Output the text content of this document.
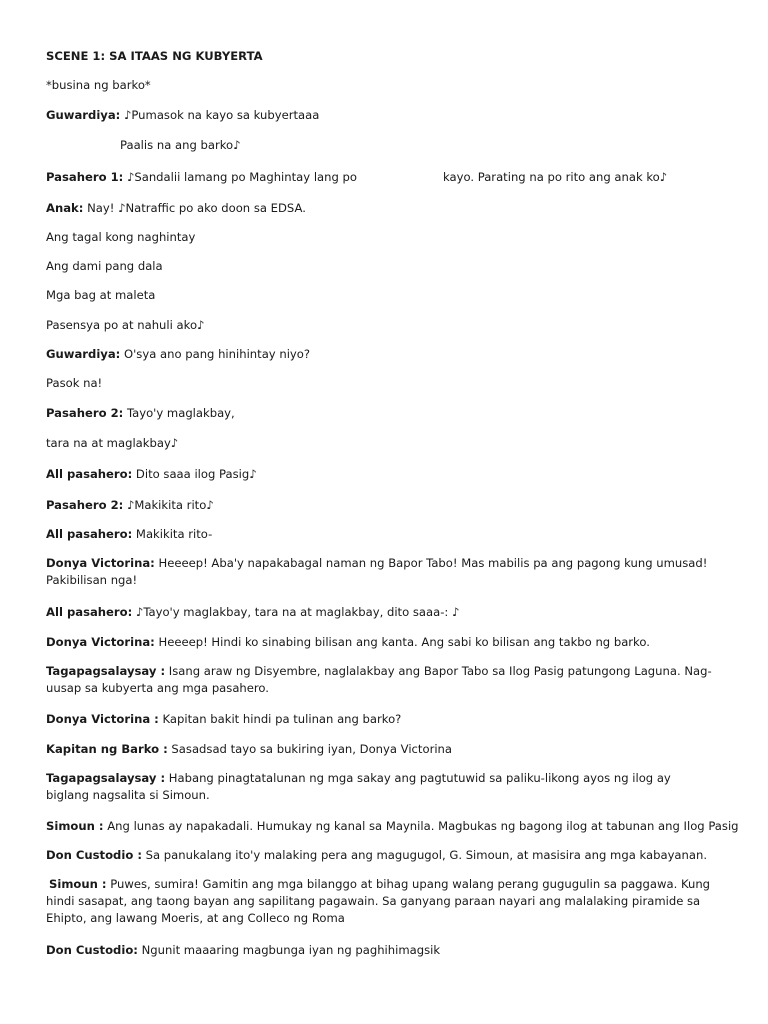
SCENE 1: SA ITAAS NG KUBYERTA
*busina ng barko*
Guwardiya: ♪Pumasok na kayo sa kubyertaaa
Paalis na ang barko♪
Pasahero 1: ♪Sandalii lamang po Maghintay lang po	kayo. Parating na po rito ang anak ko♪
Anak: Nay! ♪Natraffic po ako doon sa EDSA.
Ang tagal kong naghintay
Ang dami pang dala
Mga bag at maleta
Pasensya po at nahuli ako♪
Guwardiya: O'sya ano pang hinihintay niyo?
Pasok na!
Pasahero 2: Tayo'y maglakbay,
tara na at maglakbay♪
All pasahero: Dito saaa ilog Pasig♪
Pasahero 2: ♪Makikita rito♪
All pasahero: Makikita rito-
Donya Victorina: Heeeep! Aba'y napakabagal naman ng Bapor Tabo! Mas mabilis pa ang pagong kung umusad! Pakibilisan nga!
All pasahero: ♪Tayo'y maglakbay, tara na at maglakbay, dito saaa-: ♪
Donya Victorina: Heeeep! Hindi ko sinabing bilisan ang kanta. Ang sabi ko bilisan ang takbo ng barko.
Tagapagsalaysay : Isang araw ng Disyembre, naglalakbay ang Bapor Tabo sa Ilog Pasig patungong Laguna. Nag-uusap sa kubyerta ang mga pasahero.
Donya Victorina : Kapitan bakit hindi pa tulinan ang barko?
Kapitan ng Barko : Sasadsad tayo sa bukiring iyan, Donya Victorina
Tagapagsalaysay : Habang pinagtatalunan ng mga sakay ang pagtutuwid sa paliku-likong ayos ng ilog ay biglang nagsalita si Simoun.
Simoun : Ang lunas ay napakadali. Humukay ng kanal sa Maynila. Magbukas ng bagong ilog at tabunan ang Ilog Pasig
Don Custodio : Sa panukalang ito'y malaking pera ang magugugol, G. Simoun, at masisira ang mga kabayanan.
Simoun : Puwes, sumira! Gamitin ang mga bilanggo at bihag upang walang perang gugugulin sa paggawa. Kung hindi sasapat, ang taong bayan ang sapilitang pagawain. Sa ganyang paraan nayari ang malalaking piramide sa Ehipto, ang lawang Moeris, at ang Colleco ng Roma
Don Custodio: Ngunit maaaring magbunga iyan ng paghihimagsik
